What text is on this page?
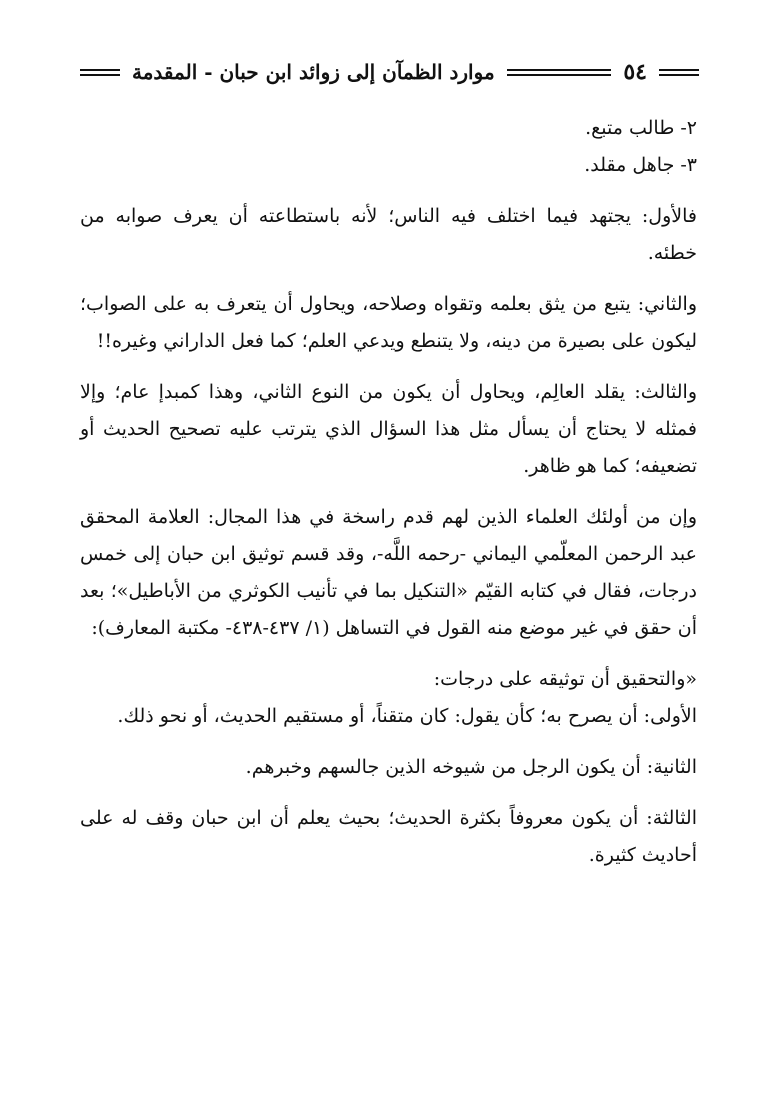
٥٤
موارد الظمآن إلى زوائد ابن حبان - المقدمة

٢- طالب متبع.

٣- جاهل مقلد.

فالأول: يجتهد فيما اختلف فيه الناس؛ لأنه باستطاعته أن يعرف صوابه من خطئه.

والثاني: يتبع من يثق بعلمه وتقواه وصلاحه، ويحاول أن يتعرف به على الصواب؛ ليكون على بصيرة من دينه، ولا يتنطع ويدعي العلم؛ كما فعل الداراني وغيره!!

والثالث: يقلد العالِم، ويحاول أن يكون من النوع الثاني، وهذا كمبدإ عام؛ وإلا فمثله لا يحتاج أن يسأل مثل هذا السؤال الذي يترتب عليه تصحيح الحديث أو تضعيفه؛ كما هو ظاهر.

وإن من أولئك العلماء الذين لهم قدم راسخة في هذا المجال: العلامة المحقق عبد الرحمن المعلّمي اليماني -رحمه اللَّه-، وقد قسم توثيق ابن حبان إلى خمس درجات، فقال في كتابه القيّم «التنكيل بما في تأنيب الكوثري من الأباطيل»؛ بعد أن حقق في غير موضع منه القول في التساهل (١/ ٤٣٧-٤٣٨- مكتبة المعارف):

«والتحقيق أن توثيقه على درجات:

الأولى: أن يصرح به؛ كأن يقول: كان متقناً، أو مستقيم الحديث، أو نحو ذلك.

الثانية: أن يكون الرجل من شيوخه الذين جالسهم وخبرهم.

الثالثة: أن يكون معروفاً بكثرة الحديث؛ بحيث يعلم أن ابن حبان وقف له على أحاديث كثيرة.
